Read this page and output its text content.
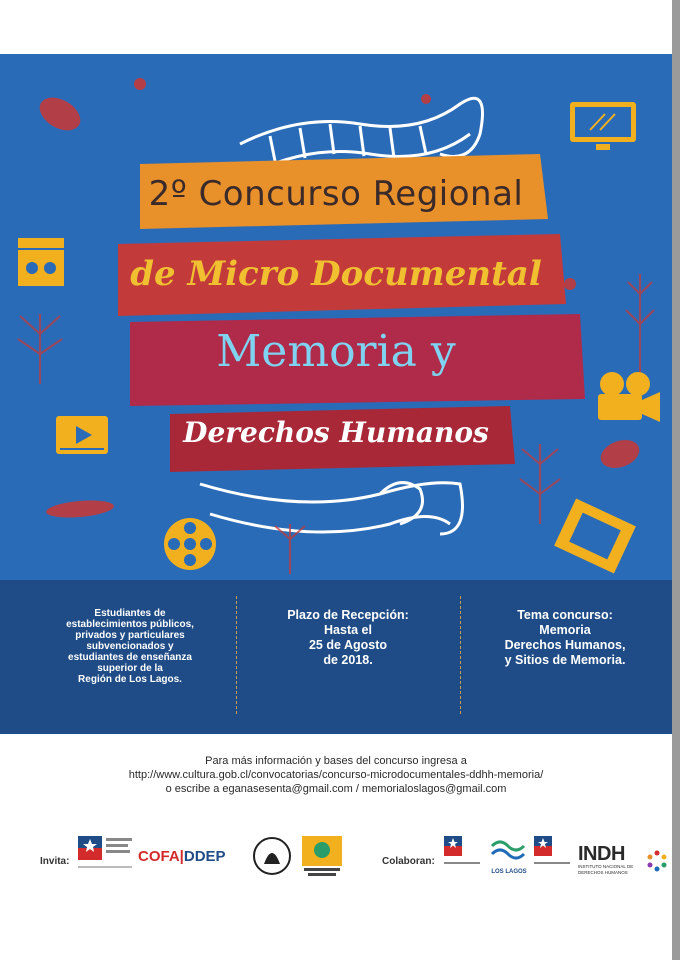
2º Concurso Regional
de Micro Documental
Memoria y
Derechos Humanos
Estudiantes de
establecimientos públicos,
privados y particulares
subvencionados y
estudiantes de enseñanza
superior de la
Región de Los Lagos.
Plazo de Recepción:
Hasta el
25 de Agosto
de 2018.
Tema concurso:
Memoria
Derechos Humanos,
y Sitios de Memoria.
Para más información y bases del concurso ingresa a
http://www.cultura.gob.cl/convocatorias/concurso-microdocumentales-ddhh-memoria/
o escribe a eganasesenta@gmail.com / memorialoslagos@gmail.com
Invita:	COFA|DDEP	Colaboran:
LOS LAGOS
INDH
INSTITUTO NACIONAL DE DERECHOS HUMANOS
